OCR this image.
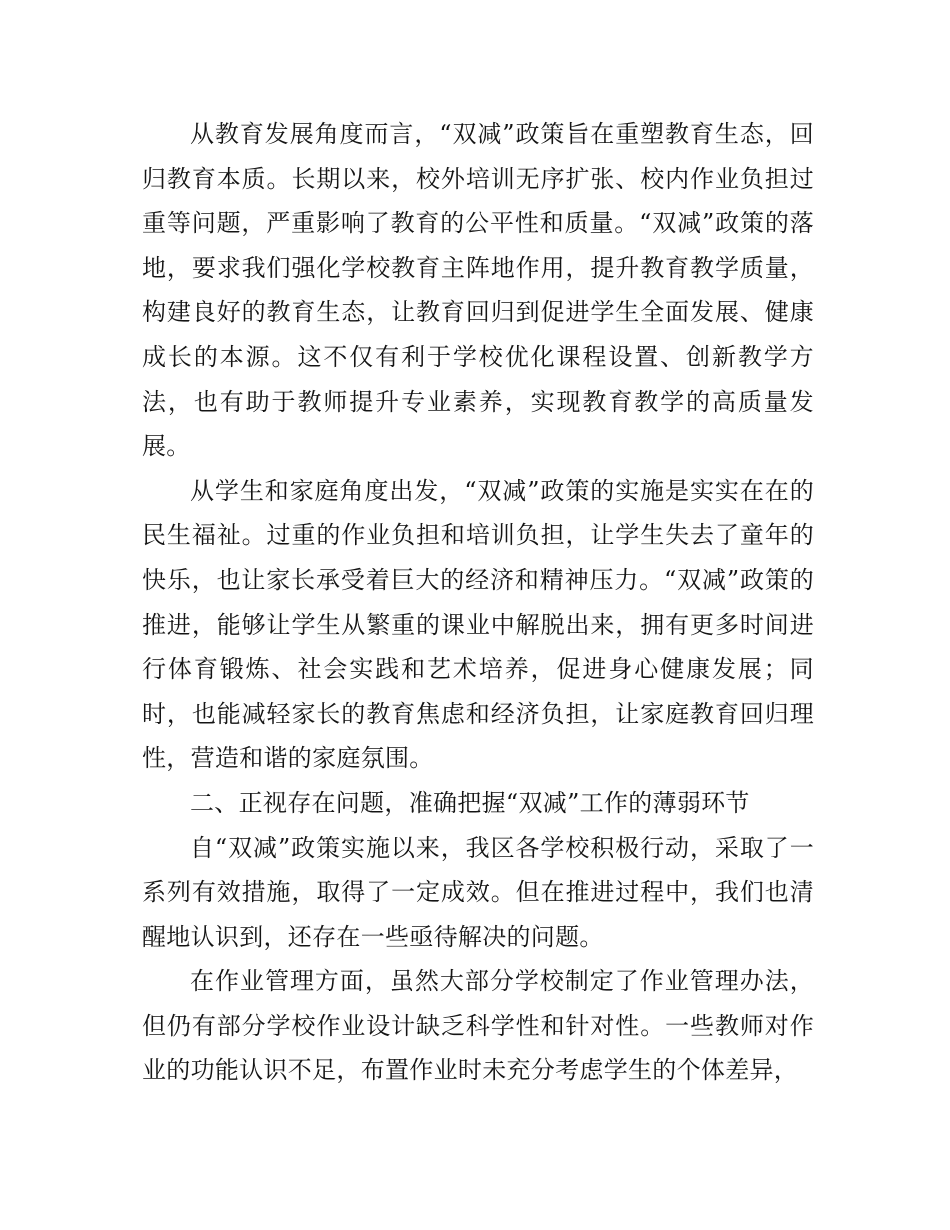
从教育发展角度而言，“双减”政策旨在重塑教育生态，回归教育本质。长期以来，校外培训无序扩张、校内作业负担过重等问题，严重影响了教育的公平性和质量。“双减”政策的落地，要求我们强化学校教育主阵地作用，提升教育教学质量，构建良好的教育生态，让教育回归到促进学生全面发展、健康成长的本源。这不仅有利于学校优化课程设置、创新教学方法，也有助于教师提升专业素养，实现教育教学的高质量发展。

从学生和家庭角度出发，“双减”政策的实施是实实在在的民生福祉。过重的作业负担和培训负担，让学生失去了童年的快乐，也让家长承受着巨大的经济和精神压力。“双减”政策的推进，能够让学生从繁重的课业中解脱出来，拥有更多时间进行体育锻炼、社会实践和艺术培养，促进身心健康发展；同时，也能减轻家长的教育焦虑和经济负担，让家庭教育回归理性，营造和谐的家庭氛围。

二、正视存在问题，准确把握“双减”工作的薄弱环节

自“双减”政策实施以来，我区各学校积极行动，采取了一系列有效措施，取得了一定成效。但在推进过程中，我们也清醒地认识到，还存在一些亟待解决的问题。

在作业管理方面，虽然大部分学校制定了作业管理办法，但仍有部分学校作业设计缺乏科学性和针对性。一些教师对作业的功能认识不足，布置作业时未充分考虑学生的个体差异，
